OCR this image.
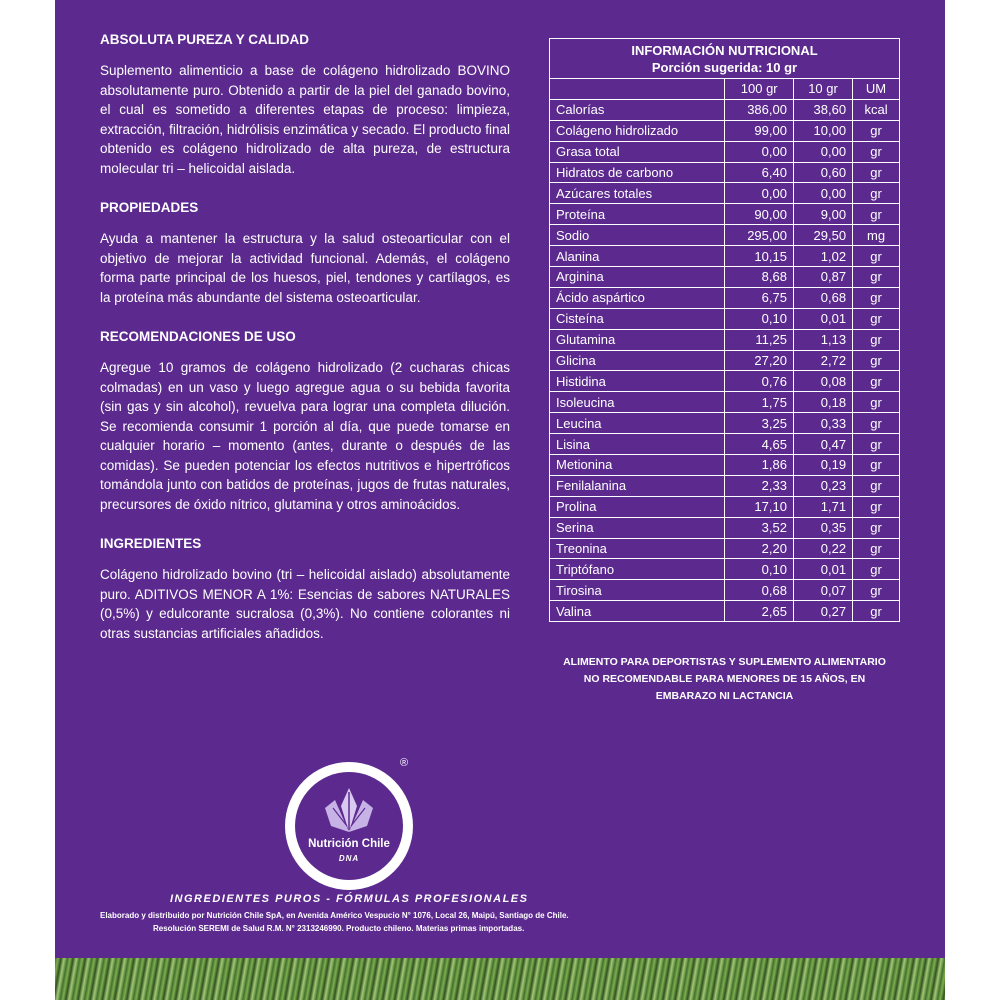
ABSOLUTA PUREZA Y CALIDAD
Suplemento alimenticio a base de colágeno hidrolizado BOVINO absolutamente puro. Obtenido a partir de la piel del ganado bovino, el cual es sometido a diferentes etapas de proceso: limpieza, extracción, filtración, hidrólisis enzimática y secado. El producto final obtenido es colágeno hidrolizado de alta pureza, de estructura molecular tri – helicoidal aislada.
PROPIEDADES
Ayuda a mantener la estructura y la salud osteoarticular con el objetivo de mejorar la actividad funcional. Además, el colágeno forma parte principal de los huesos, piel, tendones y cartílagos, es la proteína más abundante del sistema osteoarticular.
RECOMENDACIONES DE USO
Agregue 10 gramos de colágeno hidrolizado (2 cucharas chicas colmadas) en un vaso y luego agregue agua o su bebida favorita (sin gas y sin alcohol), revuelva para lograr una completa dilución. Se recomienda consumir 1 porción al día, que puede tomarse en cualquier horario – momento (antes, durante o después de las comidas). Se pueden potenciar los efectos nutritivos e hipertróficos tomándola junto con batidos de proteínas, jugos de frutas naturales, precursores de óxido nítrico, glutamina y otros aminoácidos.
INGREDIENTES
Colágeno hidrolizado bovino (tri – helicoidal aislado) absolutamente puro. ADITIVOS MENOR A 1%: Esencias de sabores NATURALES (0,5%) y edulcorante sucralosa (0,3%). No contiene colorantes ni otras sustancias artificiales añadidos.
INFORMACIÓN NUTRICIONAL
Porción sugerida: 10 gr			

	100 gr	10 gr	UM
Calorías	386,00	38,60	kcal
Colágeno hidrolizado	99,00	10,00	gr
Grasa total	0,00	0,00	gr
Hidratos de carbono	6,40	0,60	gr
Azúcares totales	0,00	0,00	gr
Proteína	90,00	9,00	gr
Sodio	295,00	29,50	mg
Alanina	10,15	1,02	gr
Arginina	8,68	0,87	gr
Ácido aspártico	6,75	0,68	gr
Cisteína	0,10	0,01	gr
Glutamina	11,25	1,13	gr
Glicina	27,20	2,72	gr
Histidina	0,76	0,08	gr
Isoleucina	1,75	0,18	gr
Leucina	3,25	0,33	gr
Lisina	4,65	0,47	gr
Metionina	1,86	0,19	gr
Fenilalanina	2,33	0,23	gr
Prolina	17,10	1,71	gr
Serina	3,52	0,35	gr
Treonina	2,20	0,22	gr
Triptófano	0,10	0,01	gr
Tirosina	0,68	0,07	gr
Valina	2,65	0,27	gr
ALIMENTO PARA DEPORTISTAS Y SUPLEMENTO ALIMENTARIO
NO RECOMENDABLE PARA MENORES DE 15 AÑOS, EN
EMBARAZO NI LACTANCIA
Nutrición Chile
DNA
®
INGREDIENTES PUROS - FÓRMULAS PROFESIONALES
Elaborado y distribuido por Nutrición Chile SpA, en Avenida Américo Vespucio N° 1076, Local 26, Maipú, Santiago de Chile.
Resolución SEREMI de Salud R.M. N° 2313246990. Producto chileno. Materias primas importadas.
